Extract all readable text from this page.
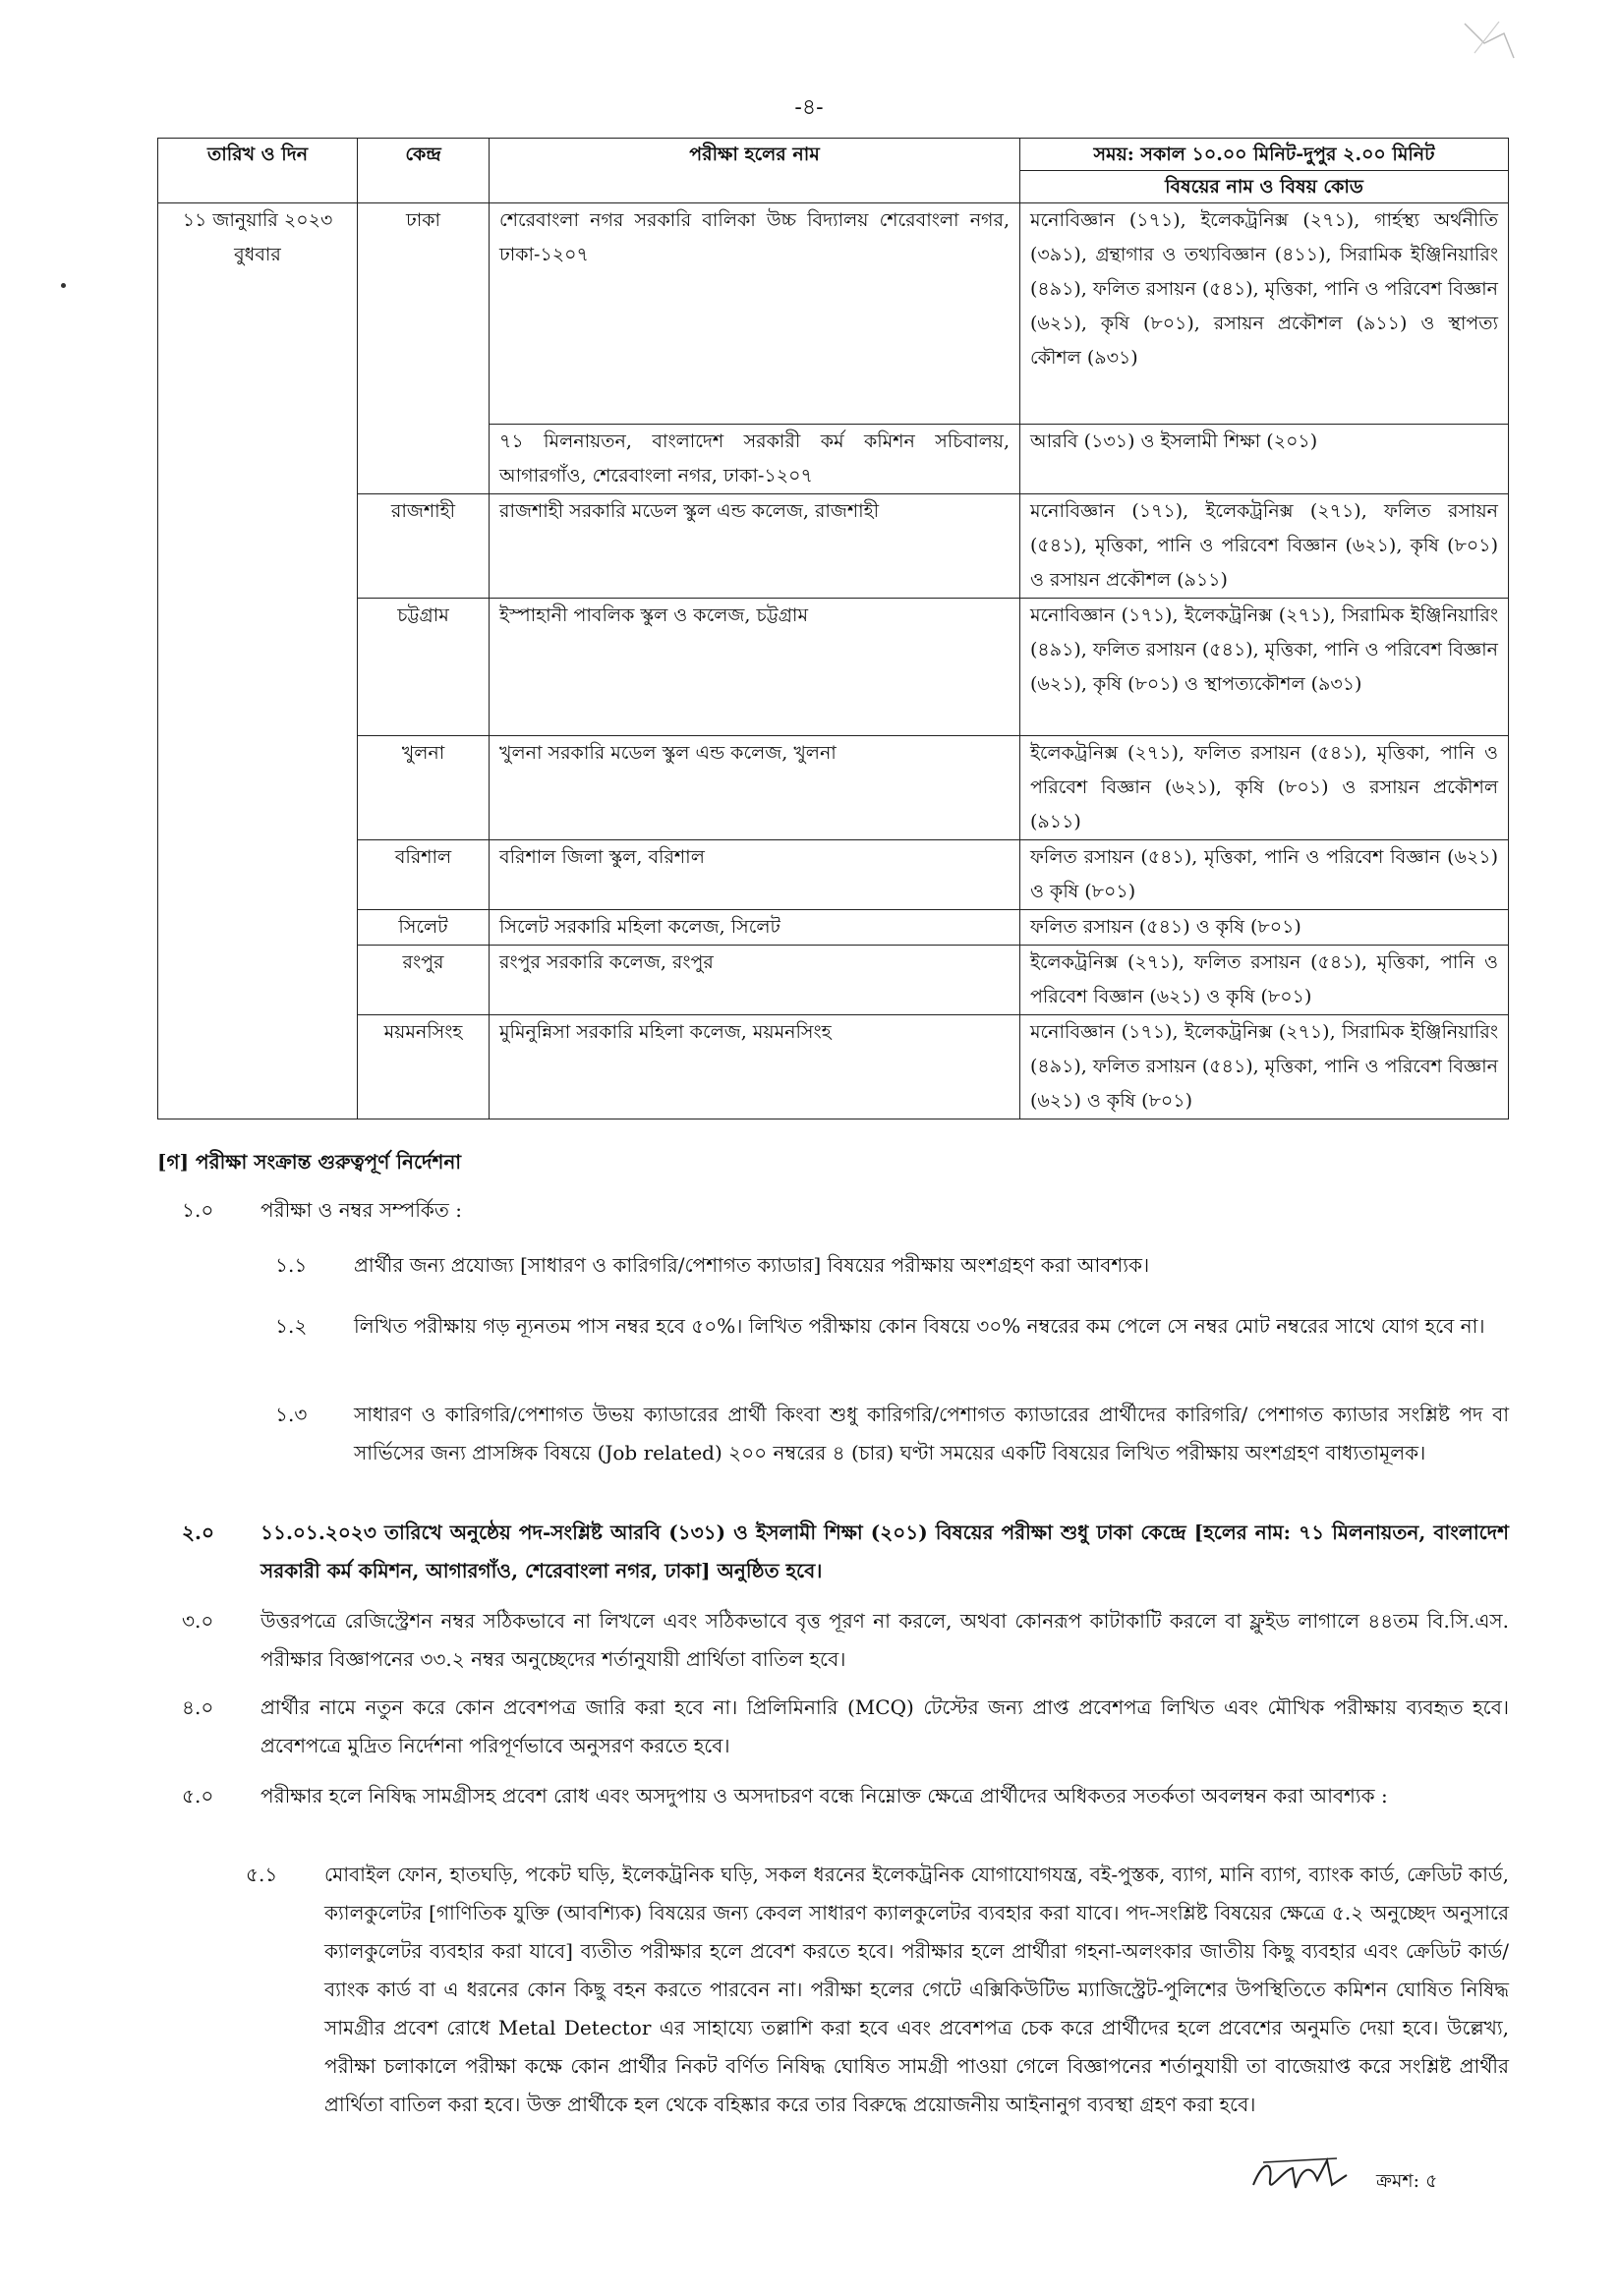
-৪-
তারিখ ও দিন	কেন্দ্র	পরীক্ষা হলের নাম	সময়: সকাল ১০.০০ মিনিট-দুপুর ২.০০ মিনিট
			বিষয়ের নাম ও বিষয় কোড

১১ জানুয়ারি ২০২৩
বুধবার	ঢাকা	শেরেবাংলা নগর সরকারি বালিকা উচ্চ বিদ্যালয় শেরেবাংলা নগর, ঢাকা-১২০৭	মনোবিজ্ঞান (১৭১), ইলেকট্রনিক্স (২৭১), গার্হস্থ্য অর্থনীতি (৩৯১), গ্রন্থাগার ও তথ্যবিজ্ঞান (৪১১), সিরামিক ইঞ্জিনিয়ারিং (৪৯১), ফলিত রসায়ন (৫৪১), মৃত্তিকা, পানি ও পরিবেশ বিজ্ঞান (৬২১), কৃষি (৮০১), রসায়ন প্রকৌশল (৯১১) ও স্থাপত্য কৌশল (৯৩১)
		৭১ মিলনায়তন, বাংলাদেশ সরকারী কর্ম কমিশন সচিবালয়, আগারগাঁও, শেরেবাংলা নগর, ঢাকা-১২০৭	আরবি (১৩১) ও ইসলামী শিক্ষা (২০১)
	রাজশাহী	রাজশাহী সরকারি মডেল স্কুল এন্ড কলেজ, রাজশাহী	মনোবিজ্ঞান (১৭১), ইলেকট্রনিক্স (২৭১), ফলিত রসায়ন (৫৪১), মৃত্তিকা, পানি ও পরিবেশ বিজ্ঞান (৬২১), কৃষি (৮০১) ও রসায়ন প্রকৌশল (৯১১)
	চট্টগ্রাম	ইস্পাহানী পাবলিক স্কুল ও কলেজ, চট্টগ্রাম	মনোবিজ্ঞান (১৭১), ইলেকট্রনিক্স (২৭১), সিরামিক ইঞ্জিনিয়ারিং (৪৯১), ফলিত রসায়ন (৫৪১), মৃত্তিকা, পানি ও পরিবেশ বিজ্ঞান (৬২১), কৃষি (৮০১) ও স্থাপত্যকৌশল (৯৩১)
	খুলনা	খুলনা সরকারি মডেল স্কুল এন্ড কলেজ, খুলনা	ইলেকট্রনিক্স (২৭১), ফলিত রসায়ন (৫৪১), মৃত্তিকা, পানি ও পরিবেশ বিজ্ঞান (৬২১), কৃষি (৮০১) ও রসায়ন প্রকৌশল (৯১১)
	বরিশাল	বরিশাল জিলা স্কুল, বরিশাল	ফলিত রসায়ন (৫৪১), মৃত্তিকা, পানি ও পরিবেশ বিজ্ঞান (৬২১) ও কৃষি (৮০১)
	সিলেট	সিলেট সরকারি মহিলা কলেজ, সিলেট	ফলিত রসায়ন (৫৪১) ও কৃষি (৮০১)
	রংপুর	রংপুর সরকারি কলেজ, রংপুর	ইলেকট্রনিক্স (২৭১), ফলিত রসায়ন (৫৪১), মৃত্তিকা, পানি ও পরিবেশ বিজ্ঞান (৬২১) ও কৃষি (৮০১)
	ময়মনসিংহ	মুমিনুন্নিসা সরকারি মহিলা কলেজ, ময়মনসিংহ	মনোবিজ্ঞান (১৭১), ইলেকট্রনিক্স (২৭১), সিরামিক ইঞ্জিনিয়ারিং (৪৯১), ফলিত রসায়ন (৫৪১), মৃত্তিকা, পানি ও পরিবেশ বিজ্ঞান (৬২১) ও কৃষি (৮০১)
[গ] পরীক্ষা সংক্রান্ত গুরুত্বপূর্ণ নির্দেশনা
১.০ পরীক্ষা ও নম্বর সম্পর্কিত :
১.১ প্রার্থীর জন্য প্রযোজ্য [সাধারণ ও কারিগরি/পেশাগত ক্যাডার] বিষয়ের পরীক্ষায় অংশগ্রহণ করা আবশ্যক।
১.২ লিখিত পরীক্ষায় গড় ন্যূনতম পাস নম্বর হবে ৫০%। লিখিত পরীক্ষায় কোন বিষয়ে ৩০% নম্বরের কম পেলে সে নম্বর মোট নম্বরের সাথে যোগ হবে না।
১.৩ সাধারণ ও কারিগরি/পেশাগত উভয় ক্যাডারের প্রার্থী কিংবা শুধু কারিগরি/পেশাগত ক্যাডারের প্রার্থীদের কারিগরি/ পেশাগত ক্যাডার সংশ্লিষ্ট পদ বা সার্ভিসের জন্য প্রাসঙ্গিক বিষয়ে (Job related) ২০০ নম্বরের ৪ (চার) ঘণ্টা সময়ের একটি বিষয়ের লিখিত পরীক্ষায় অংশগ্রহণ বাধ্যতামূলক।
২.০ ১১.০১.২০২৩ তারিখে অনুষ্ঠেয় পদ-সংশ্লিষ্ট আরবি (১৩১) ও ইসলামী শিক্ষা (২০১) বিষয়ের পরীক্ষা শুধু ঢাকা কেন্দ্রে [হলের নাম: ৭১ মিলনায়তন, বাংলাদেশ সরকারী কর্ম কমিশন, আগারগাঁও, শেরেবাংলা নগর, ঢাকা] অনুষ্ঠিত হবে।
৩.০ উত্তরপত্রে রেজিস্ট্রেশন নম্বর সঠিকভাবে না লিখলে এবং সঠিকভাবে বৃত্ত পূরণ না করলে, অথবা কোনরূপ কাটাকাটি করলে বা ফ্লুইড লাগালে ৪৪তম বি.সি.এস. পরীক্ষার বিজ্ঞাপনের ৩৩.২ নম্বর অনুচ্ছেদের শর্তানুযায়ী প্রার্থিতা বাতিল হবে।
৪.০ প্রার্থীর নামে নতুন করে কোন প্রবেশপত্র জারি করা হবে না। প্রিলিমিনারি (MCQ) টেস্টের জন্য প্রাপ্ত প্রবেশপত্র লিখিত এবং মৌখিক পরীক্ষায় ব্যবহৃত হবে। প্রবেশপত্রে মুদ্রিত নির্দেশনা পরিপূর্ণভাবে অনুসরণ করতে হবে।
৫.০ পরীক্ষার হলে নিষিদ্ধ সামগ্রীসহ প্রবেশ রোধ এবং অসদুপায় ও অসদাচরণ বন্ধে নিম্নোক্ত ক্ষেত্রে প্রার্থীদের অধিকতর সতর্কতা অবলম্বন করা আবশ্যক :
৫.১ মোবাইল ফোন, হাতঘড়ি, পকেট ঘড়ি, ইলেকট্রনিক ঘড়ি, সকল ধরনের ইলেকট্রনিক যোগাযোগযন্ত্র, বই-পুস্তক, ব্যাগ, মানি ব্যাগ, ব্যাংক কার্ড, ক্রেডিট কার্ড, ক্যালকুলেটর [গাণিতিক যুক্তি (আবশ্যিক) বিষয়ের জন্য কেবল সাধারণ ক্যালকুলেটর ব্যবহার করা যাবে। পদ-সংশ্লিষ্ট বিষয়ের ক্ষেত্রে ৫.২ অনুচ্ছেদ অনুসারে ক্যালকুলেটর ব্যবহার করা যাবে] ব্যতীত পরীক্ষার হলে প্রবেশ করতে হবে। পরীক্ষার হলে প্রার্থীরা গহনা-অলংকার জাতীয় কিছু ব্যবহার এবং ক্রেডিট কার্ড/ব্যাংক কার্ড বা এ ধরনের কোন কিছু বহন করতে পারবেন না। পরীক্ষা হলের গেটে এক্সিকিউটিভ ম্যাজিস্ট্রেট-পুলিশের উপস্থিতিতে কমিশন ঘোষিত নিষিদ্ধ সামগ্রীর প্রবেশ রোধে Metal Detector এর সাহায্যে তল্লাশি করা হবে এবং প্রবেশপত্র চেক করে প্রার্থীদের হলে প্রবেশের অনুমতি দেয়া হবে। উল্লেখ্য, পরীক্ষা চলাকালে পরীক্ষা কক্ষে কোন প্রার্থীর নিকট বর্ণিত নিষিদ্ধ ঘোষিত সামগ্রী পাওয়া গেলে বিজ্ঞাপনের শর্তানুযায়ী তা বাজেয়াপ্ত করে সংশ্লিষ্ট প্রার্থীর প্রার্থিতা বাতিল করা হবে। উক্ত প্রার্থীকে হল থেকে বহিষ্কার করে তার বিরুদ্ধে প্রয়োজনীয় আইনানুগ ব্যবস্থা গ্রহণ করা হবে।
ক্রমশ: ৫
